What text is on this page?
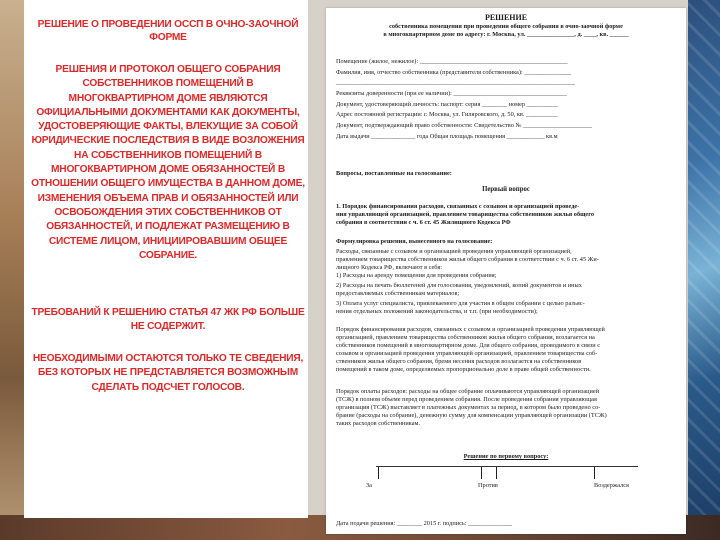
РЕШЕНИЕ О ПРОВЕДЕНИИ ОССП В ОЧНО-ЗАОЧНОЙ ФОРМЕ
РЕШЕНИЯ И ПРОТОКОЛ ОБЩЕГО СОБРАНИЯ СОБСТВЕННИКОВ ПОМЕЩЕНИЙ В МНОГОКВАРТИРНОМ ДОМЕ ЯВЛЯЮТСЯ ОФИЦИАЛЬНЫМИ ДОКУМЕНТАМИ КАК ДОКУМЕНТЫ, УДОСТОВЕРЯЮЩИЕ ФАКТЫ, ВЛЕКУЩИЕ ЗА СОБОЙ ЮРИДИЧЕСКИЕ ПОСЛЕДСТВИЯ В ВИДЕ ВОЗЛОЖЕНИЯ НА СОБСТВЕННИКОВ ПОМЕЩЕНИЙ В МНОГОКВАРТИРНОМ ДОМЕ ОБЯЗАННОСТЕЙ В ОТНОШЕНИИ ОБЩЕГО ИМУЩЕСТВА В ДАННОМ ДОМЕ, ИЗМЕНЕНИЯ ОБЪЕМА ПРАВ И ОБЯЗАННОСТЕЙ ИЛИ ОСВОБОЖДЕНИЯ ЭТИХ СОБСТВЕННИКОВ ОТ ОБЯЗАННОСТЕЙ, И ПОДЛЕЖАТ РАЗМЕЩЕНИЮ В СИСТЕМЕ ЛИЦОМ, ИНИЦИИРОВАВШИМ ОБЩЕЕ СОБРАНИЕ.
ТРЕБОВАНИЙ К РЕШЕНИЮ СТАТЬЯ 47 ЖК РФ БОЛЬШЕ НЕ СОДЕРЖИТ.
НЕОБХОДИМЫМИ ОСТАЮТСЯ ТОЛЬКО ТЕ СВЕДЕНИЯ, БЕЗ КОТОРЫХ НЕ ПРЕДСТАВЛЯЕТСЯ ВОЗМОЖНЫМ СДЕЛАТЬ ПОДСЧЕТ ГОЛОСОВ.
РЕШЕНИЕ
собственника помещения при проведении общего собрания в очно-заочной форме
в многоквартирном доме по адресу: г. Москва, ул. _______________, д. ____, кв. ______
Помещение (жилое, нежилое): _______________________________________________
Фамилия, имя, отчество собственника (представителя собственника): _______________
____________________________________________________________________________
Реквизиты доверенности (при ее наличии): ____________________________________
Документ, удостоверяющий личность: паспорт: серия ________ номер __________
Адрес постоянной регистрации: г. Москва, ул. Гиляровского, д. 50, кв. __________
Документ, подтверждающий право собственности: Свидетельство № ______________________
Дата выдачи ______________ года Общая площадь помещения ____________ кв.м
Вопросы, поставленные на голосование:
Первый вопрос
1. Порядок финансирования расходов, связанных с созывом и организацией проведе-
ния управляющей организацией, правлением товарищества собственников жилья общего
собрания в соответствии с ч. 6 ст. 45 Жилищного Кодекса РФ
Формулировка решения, вынесенного на голосование:
Расходы, связанные с созывом и организацией проведения управляющей организацией,
правлением товарищества собственников жилья общего собрания в соответствии с ч. 6 ст. 45 Жи-
лищного Кодекса РФ, включают в себя:
1) Расходы на аренду помещения для проведения собрания;
2) Расходы на печать бюллетеней для голосования, уведомлений, копий документов и иных
предоставляемых собственникам материалов;
3) Оплата услуг специалиста, привлекаемого для участия в общем собрании с целью разъяс-
нения отдельных положений законодательства, и т.п. (при необходимости);
Порядок финансирования расходов, связанных с созывом и организацией проведения управляющей
организацией, правлением товарищества собственников жилья общего собрания, возлагается на
собственников помещений в многоквартирном доме. Для общего собрания, проводимого в связи с
созывом и организацией проведения управляющей организацией, правлением товарищества соб-
ственников жилья общего собрания, бремя несения расходов возлагается на собственников
помещений в таком доме, определяемых пропорционально доле в праве общей собственности.
Порядок оплаты расходов: расходы на общее собрание оплачиваются управляющей организацией
(ТСЖ) в полном объеме перед проведением собрания. После проведения собрания управляющая
организация (ТСЖ) выставляет в платежных документах за период, в котором было проведено со-
брание (расходы на собрание), денежную сумму для компенсации управляющей организации (ТСЖ)
таких расходов собственникам.
Решение по первому вопросу:
За	Против	Воздержался
Дата подачи решения: ________ 2015 г. подпись: ______________
